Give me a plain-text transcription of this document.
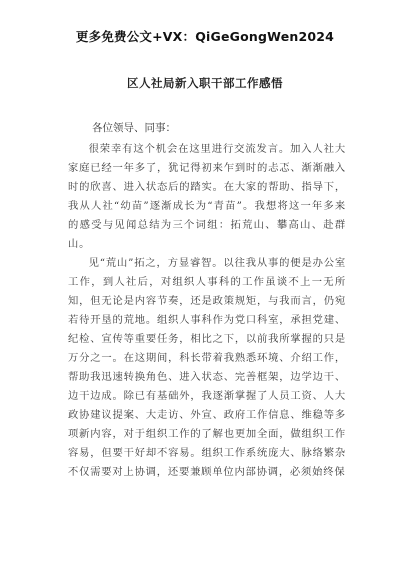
更多免费公文+VX：QiGeGongWen2024
区人社局新入职干部工作感悟
各位领导、同事：

很荣幸有这个机会在这里进行交流发言。加入人社大家庭已经一年多了，犹记得初来乍到时的忐忑、渐渐融入时的欣喜、进入状态后的踏实。在大家的帮助、指导下，我从人社“幼苗”逐渐成长为“青苗”。我想将这一年多来的感受与见闻总结为三个词组：拓荒山、攀高山、赴群山。

见“荒山”拓之，方显睿智。以往我从事的便是办公室工作，到人社后，对组织人事科的工作虽谈不上一无所知，但无论是内容节奏，还是政策规矩，与我而言，仍宛若待开垦的荒地。组织人事科作为党口科室，承担党建、纪检、宣传等重要任务，相比之下，以前我所掌握的只是万分之一。在这期间，科长带着我熟悉环境、介绍工作，帮助我迅速转换角色、进入状态、完善框架，边学边干、边干边成。除已有基础外，我逐渐掌握了人员工资、人大政协建议提案、大走访、外宣、政府工作信息、维稳等多项新内容，对于组织工作的了解也更加全面，做组织工作容易，但要干好却不容易。组织工作系统庞大、脉络繁杂不仅需要对上协调，还要兼顾单位内部协调，必须始终保
